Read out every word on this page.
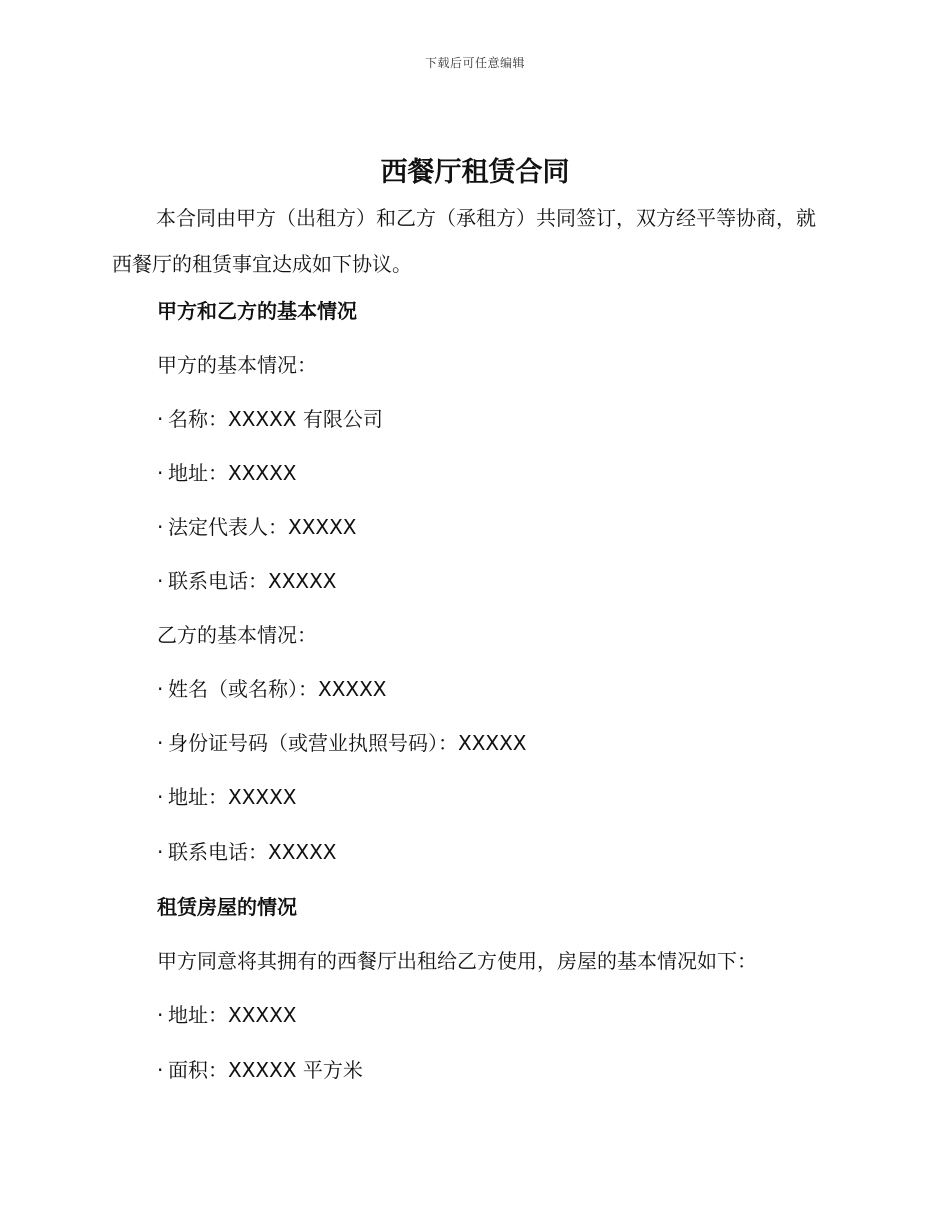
下载后可任意编辑
西餐厅租赁合同

本合同由甲方（出租方）和乙方（承租方）共同签订，双方经平等协商，就西餐厅的租赁事宜达成如下协议。

甲方和乙方的基本情况

甲方的基本情况：

· 名称：XXXXX 有限公司

· 地址：XXXXX

· 法定代表人：XXXXX

· 联系电话：XXXXX

乙方的基本情况：

· 姓名（或名称）：XXXXX

· 身份证号码（或营业执照号码）：XXXXX

· 地址：XXXXX

· 联系电话：XXXXX

租赁房屋的情况

甲方同意将其拥有的西餐厅出租给乙方使用，房屋的基本情况如下：

· 地址：XXXXX

· 面积：XXXXX 平方米
